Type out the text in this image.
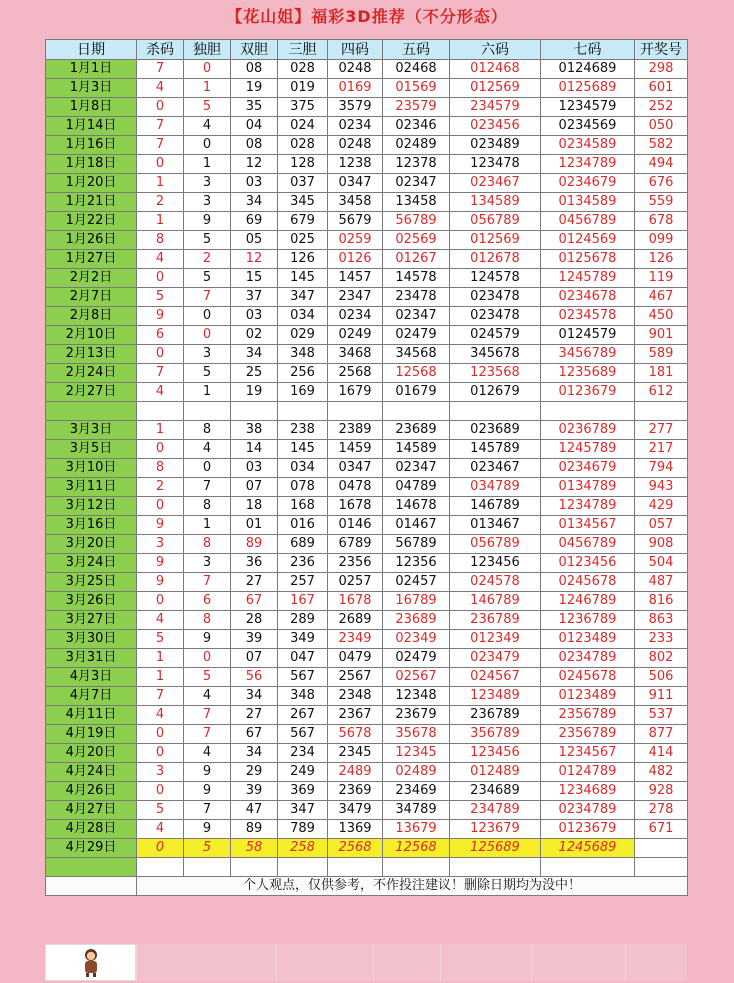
【花山姐】福彩3D推荐（不分形态）
日期	杀码	独胆	双胆	三胆	四码	五码	六码	七码	开奖号
1月1日	7	0	08	028	0248	02468	012468	0124689	298
1月3日	4	1	19	019	0169	01569	012569	0125689	601
1月8日	0	5	35	375	3579	23579	234579	1234579	252
1月14日	7	4	04	024	0234	02346	023456	0234569	050
1月16日	7	0	08	028	0248	02489	023489	0234589	582
1月18日	0	1	12	128	1238	12378	123478	1234789	494
1月20日	1	3	03	037	0347	02347	023467	0234679	676
1月21日	2	3	34	345	3458	13458	134589	0134589	559
1月22日	1	9	69	679	5679	56789	056789	0456789	678
1月26日	8	5	05	025	0259	02569	012569	0124569	099
1月27日	4	2	12	126	0126	01267	012678	0125678	126
2月2日	0	5	15	145	1457	14578	124578	1245789	119
2月7日	5	7	37	347	2347	23478	023478	0234678	467
2月8日	9	0	03	034	0234	02347	023478	0234578	450
2月10日	6	0	02	029	0249	02479	024579	0124579	901
2月13日	0	3	34	348	3468	34568	345678	3456789	589
2月24日	7	5	25	256	2568	12568	123568	1235689	181
2月27日	4	1	19	169	1679	01679	012679	0123679	612

3月3日	1	8	38	238	2389	23689	023689	0236789	277
3月5日	0	4	14	145	1459	14589	145789	1245789	217
3月10日	8	0	03	034	0347	02347	023467	0234679	794
3月11日	2	7	07	078	0478	04789	034789	0134789	943
3月12日	0	8	18	168	1678	14678	146789	1234789	429
3月16日	9	1	01	016	0146	01467	013467	0134567	057
3月20日	3	8	89	689	6789	56789	056789	0456789	908
3月24日	9	3	36	236	2356	12356	123456	0123456	504
3月25日	9	7	27	257	0257	02457	024578	0245678	487
3月26日	0	6	67	167	1678	16789	146789	1246789	816
3月27日	4	8	28	289	2689	23689	236789	1236789	863
3月30日	5	9	39	349	2349	02349	012349	0123489	233
3月31日	1	0	07	047	0479	02479	023479	0234789	802
4月3日	1	5	56	567	2567	02567	024567	0245678	506
4月7日	7	4	34	348	2348	12348	123489	0123489	911
4月11日	4	7	27	267	2367	23679	236789	2356789	537
4月19日	0	7	67	567	5678	35678	356789	2356789	877
4月20日	0	4	34	234	2345	12345	123456	1234567	414
4月24日	3	9	29	249	2489	02489	012489	0124789	482
4月26日	0	9	39	369	2369	23469	234689	1234689	928
4月27日	5	7	47	347	3479	34789	234789	0234789	278
4月28日	4	9	89	789	1369	13679	123679	0123679	671
4月29日	0	5	58	258	2568	12568	125689	1245689	

	个人观点，仅供参考，不作投注建议！删除日期均为没中！								
